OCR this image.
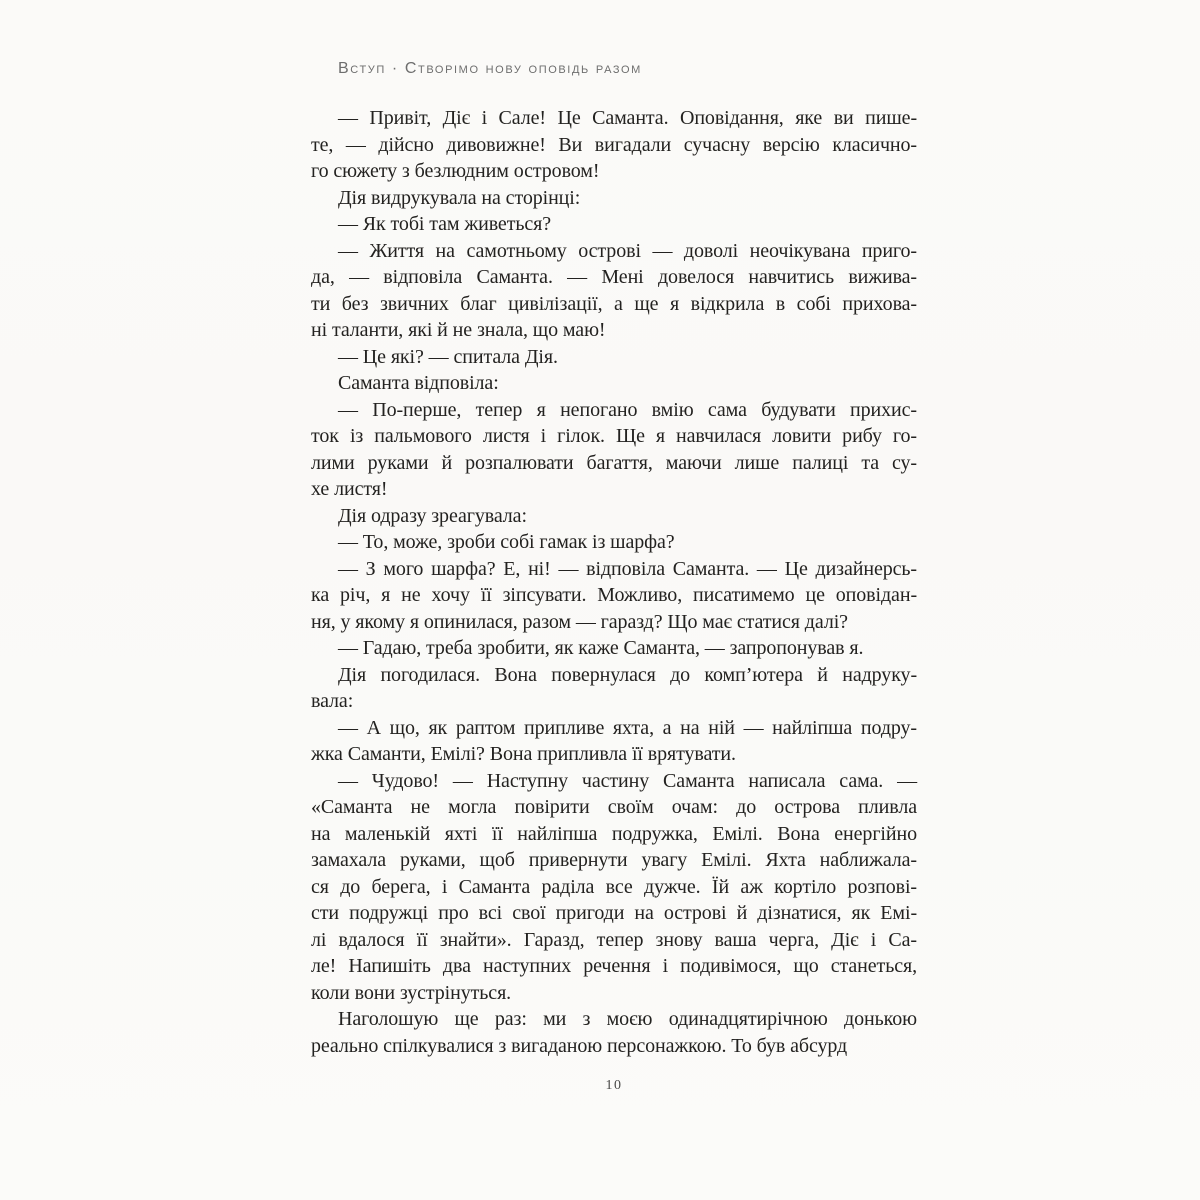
Вступ · Створімо нову оповідь разом

— Привіт, Діє і Сале! Це Саманта. Оповідання, яке ви пише-
те, — дійсно дивовижне! Ви вигадали сучасну версію класично-
го сюжету з безлюдним островом!

Дія видрукувала на сторінці:

— Як тобі там живеться?

— Життя на самотньому острові — доволі неочікувана приго-
да, — відповіла Саманта. — Мені довелося навчитись вижива-
ти без звичних благ цивілізації, а ще я відкрила в собі прихова-
ні таланти, які й не знала, що маю!

— Це які? — спитала Дія.

Саманта відповіла:

— По-перше, тепер я непогано вмію сама будувати прихис-
ток із пальмового листя і гілок. Ще я навчилася ловити рибу го-
лими руками й розпалювати багаття, маючи лише палиці та су-
хе листя!

Дія одразу зреагувала:

— То, може, зроби собі гамак із шарфа?

— З мого шарфа? Е, ні! — відповіла Саманта. — Це дизайнерсь-
ка річ, я не хочу її зіпсувати. Можливо, писатимемо це оповідан-
ня, у якому я опинилася, разом — гаразд? Що має статися далі?

— Гадаю, треба зробити, як каже Саманта, — запропонував я.

Дія погодилася. Вона повернулася до комп’ютера й надруку-
вала:

— А що, як раптом припливе яхта, а на ній — найліпша подру-
жка Саманти, Емілі? Вона припливла її врятувати.

— Чудово! — Наступну частину Саманта написала сама. —
«Саманта не могла повірити своїм очам: до острова пливла
на маленькій яхті її найліпша подружка, Емілі. Вона енергійно
замахала руками, щоб привернути увагу Емілі. Яхта наближала-
ся до берега, і Саманта раділа все дужче. Їй аж кортіло розпові-
сти подружці про всі свої пригоди на острові й дізнатися, як Емі-
лі вдалося її знайти». Гаразд, тепер знову ваша черга, Діє і Са-
ле! Напишіть два наступних речення і подивімося, що станеться,
коли вони зустрінуться.

Наголошую ще раз: ми з моєю одинадцятирічною донькою
реально спілкувалися з вигаданою персонажкою. То був абсурд

10
